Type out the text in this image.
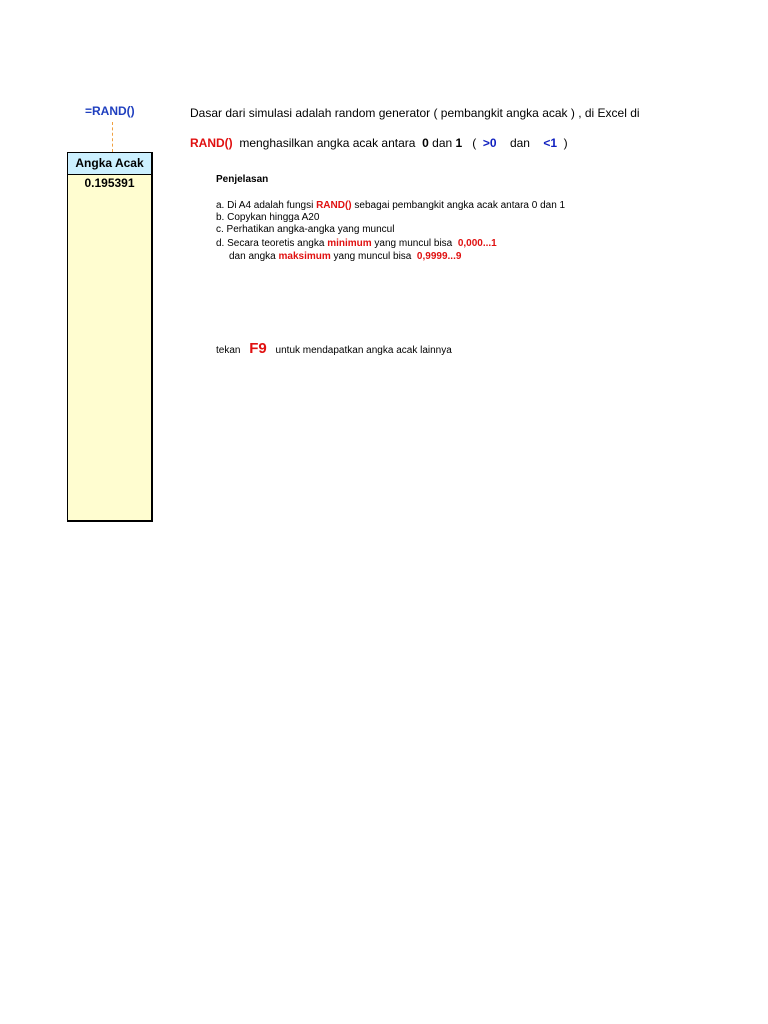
=RAND()
Angka Acak
0.195391
Dasar dari simulasi adalah random generator ( pembangkit angka acak ) , di Excel di
RAND() menghasilkan angka acak antara 0 dan 1 ( >0 dan <1 )
Penjelasan
a. Di A4 adalah fungsi RAND() sebagai pembangkit angka acak antara 0 dan 1
b. Copykan hingga A20
c. Perhatikan angka-angka yang muncul
d. Secara teoretis angka minimum yang muncul bisa 0,000...1
dan angka maksimum yang muncul bisa 0,9999...9
tekan F9 untuk mendapatkan angka acak lainnya
